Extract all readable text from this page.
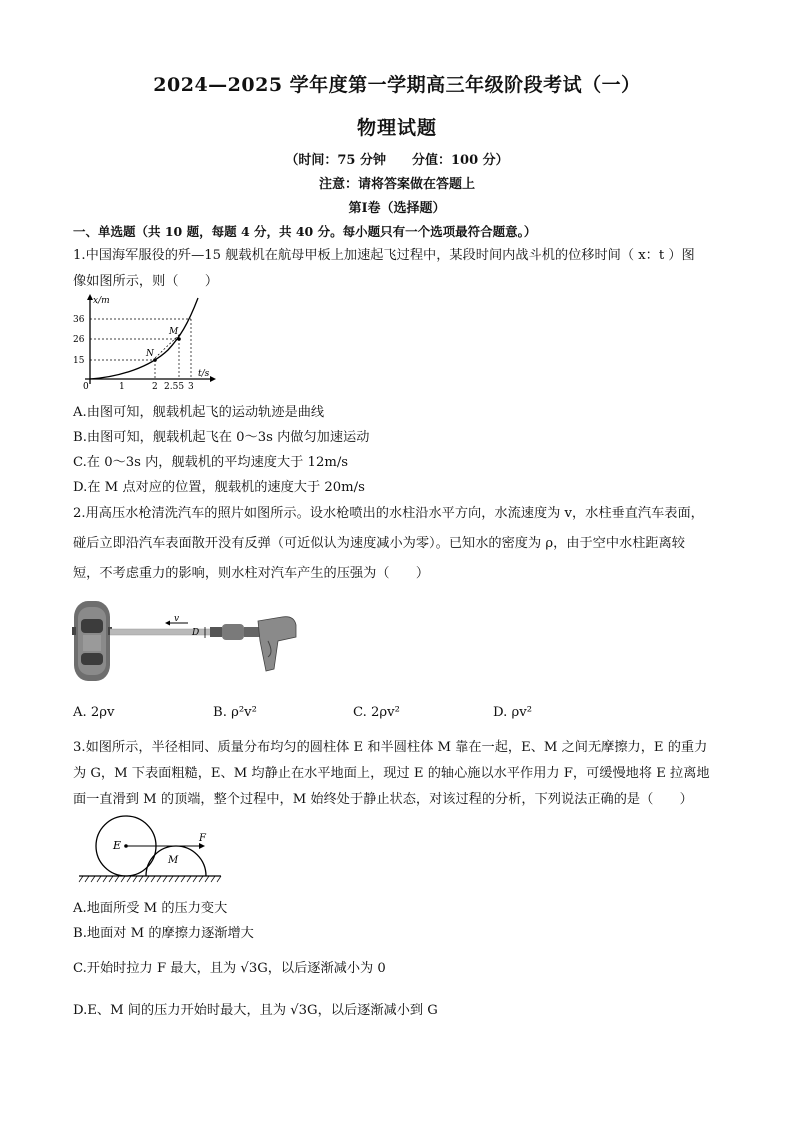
2024—2025 学年度第一学期高三年级阶段考试（一）
物理试题
（时间：75 分钟　　分值：100 分）
注意：请将答案做在答题上
第Ⅰ卷（选择题）
一、单选题（共 10 题，每题 4 分，共 40 分。每小题只有一个选项最符合题意。）
1.中国海军服役的歼—15 舰载机在航母甲板上加速起飞过程中，某段时间内战斗机的位移时间（ x：t ）图
像如图所示，则（　　）
x/m
t/s
36
26
15
0	1	2 2.55 3
N
M
A.由图可知，舰载机起飞的运动轨迹是曲线
B.由图可知，舰载机起飞在 0～3s 内做匀加速运动
C.在 0～3s 内，舰载机的平均速度大于 12m/s
D.在 M 点对应的位置，舰载机的速度大于 20m/s
2.用高压水枪清洗汽车的照片如图所示。设水枪喷出的水柱沿水平方向，水流速度为 v，水柱垂直汽车表面，
碰后立即沿汽车表面散开没有反弹（可近似认为速度减小为零）。已知水的密度为 ρ，由于空中水柱距离较
短，不考虑重力的影响，则水柱对汽车产生的压强为（　　）
v
D
A. 2ρv	B. ρ²v²	C. 2ρv²	D. ρv²
3.如图所示，半径相同、质量分布均匀的圆柱体 E 和半圆柱体 M 靠在一起，E、M 之间无摩擦力，E 的重力
为 G，M 下表面粗糙，E、M 均静止在水平地面上，现过 E 的轴心施以水平作用力 F，可缓慢地将 E 拉离地
面一直滑到 M 的顶端，整个过程中，M 始终处于静止状态，对该过程的分析，下列说法正确的是（　　）
E
M
F
A.地面所受 M 的压力变大
B.地面对 M 的摩擦力逐渐增大
C.开始时拉力 F 最大，且为 √3G，以后逐渐减小为 0
D.E、M 间的压力开始时最大，且为 √3G，以后逐渐减小到 G
